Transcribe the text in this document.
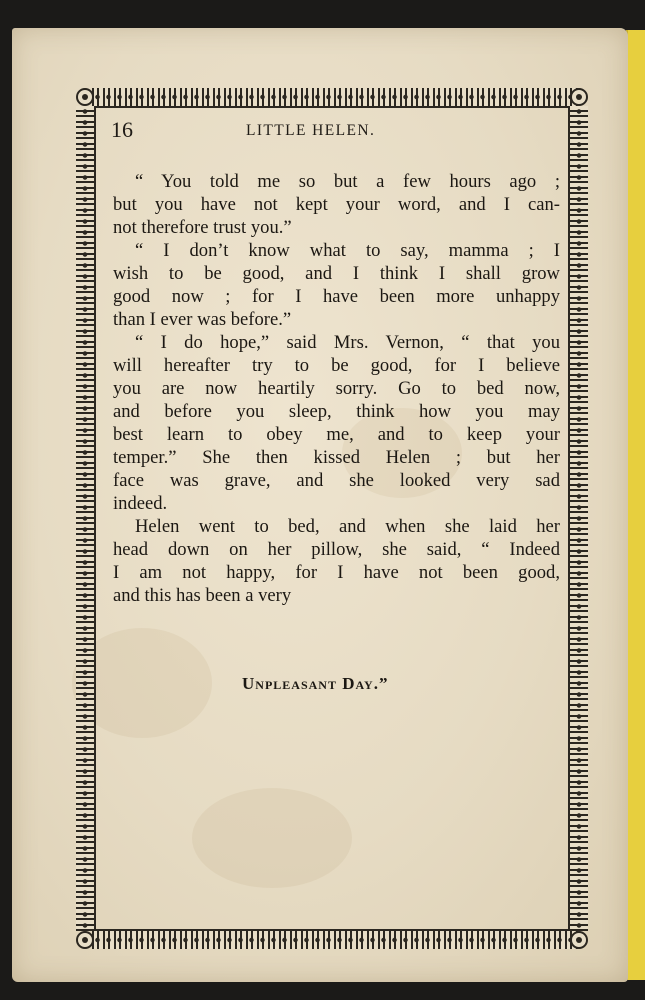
16	LITTLE HELEN.
“ You told me so but a few hours ago ;
but you have not kept your word, and I can-
not therefore trust you.”
“ I don’t know what to say, mamma ; I
wish to be good, and I think I shall grow
good now ; for I have been more unhappy
than I ever was before.”
“ I do hope,” said Mrs. Vernon, “ that you
will hereafter try to be good, for I believe
you are now heartily sorry. Go to bed now,
and before you sleep, think how you may
best learn to obey me, and to keep your
temper.” She then kissed Helen ; but her
face was grave, and she looked very sad
indeed.
Helen went to bed, and when she laid her
head down on her pillow, she said, “ Indeed
I am not happy, for I have not been good,
and this has been a very
Unpleasant Day.”
